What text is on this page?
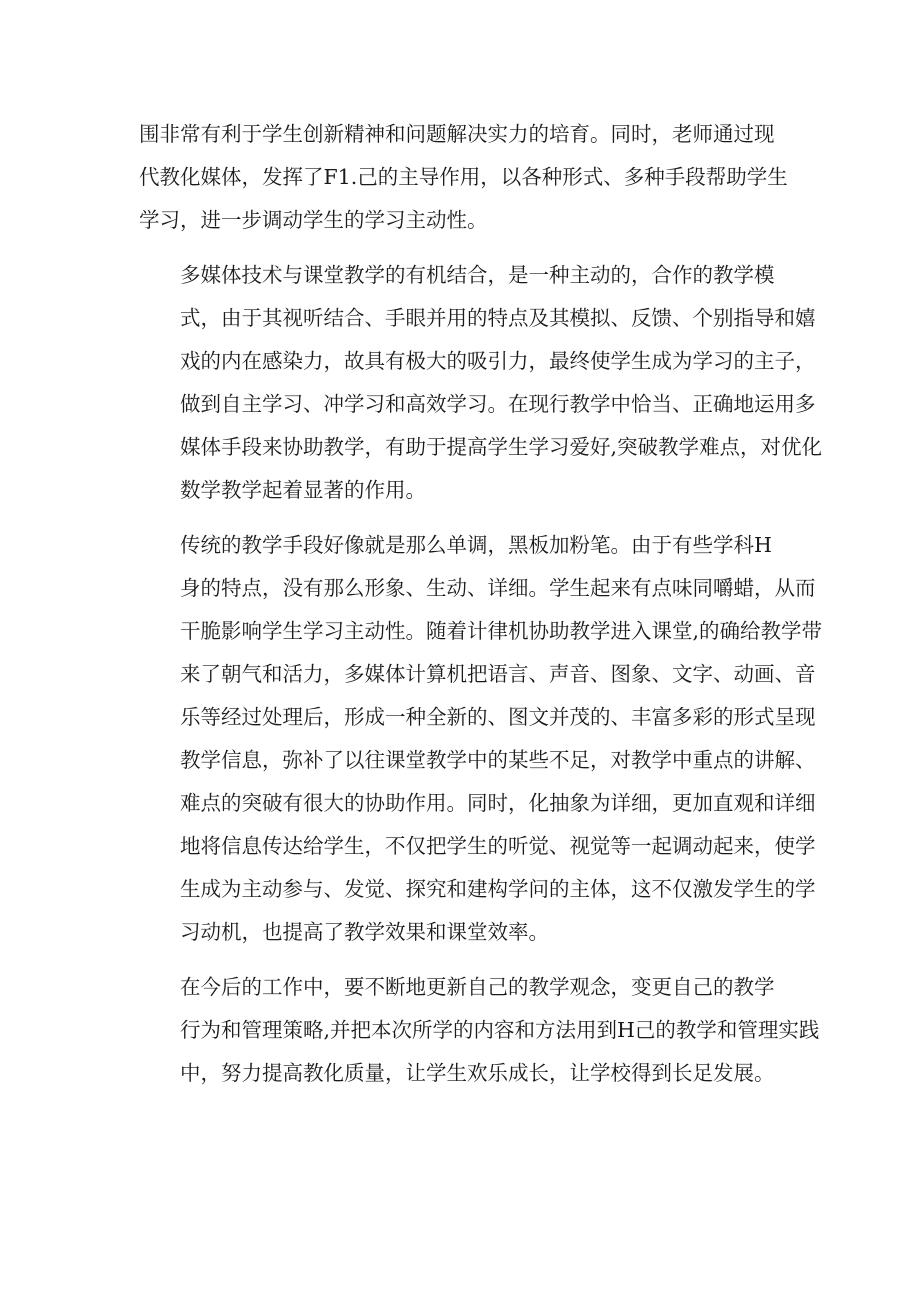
围非常有利于学生创新精神和问题解决实力的培育。同时，老师通过现
代教化媒体，发挥了F1.己的主导作用，以各种形式、多种手段帮助学生
学习，进一步调动学生的学习主动性。

多媒体技术与课堂教学的有机结合，是一种主动的，合作的教学模
式，由于其视听结合、手眼并用的特点及其模拟、反馈、个别指导和嬉
戏的内在感染力，故具有极大的吸引力，最终使学生成为学习的主子，
做到自主学习、冲学习和高效学习。在现行教学中恰当、正确地运用多
媒体手段来协助教学，有助于提高学生学习爱好,突破教学难点，对优化
数学教学起着显著的作用。

传统的教学手段好像就是那么单调，黑板加粉笔。由于有些学科H
身的特点，没有那么形象、生动、详细。学生起来有点味同嚼蜡，从而
干脆影响学生学习主动性。随着计律机协助教学进入课堂,的确给教学带
来了朝气和活力，多媒体计算机把语言、声音、图象、文字、动画、音
乐等经过处理后，形成一种全新的、图文并茂的、丰富多彩的形式呈现
教学信息，弥补了以往课堂教学中的某些不足，对教学中重点的讲解、
难点的突破有很大的协助作用。同时，化抽象为详细，更加直观和详细
地将信息传达给学生，不仅把学生的听觉、视觉等一起调动起来，使学
生成为主动参与、发觉、探究和建构学问的主体，这不仅激发学生的学
习动机，也提高了教学效果和课堂效率。

在今后的工作中，要不断地更新自己的教学观念，变更自己的教学
行为和管理策略,并把本次所学的内容和方法用到H己的教学和管理实践
中，努力提高教化质量，让学生欢乐成长，让学校得到长足发展。
